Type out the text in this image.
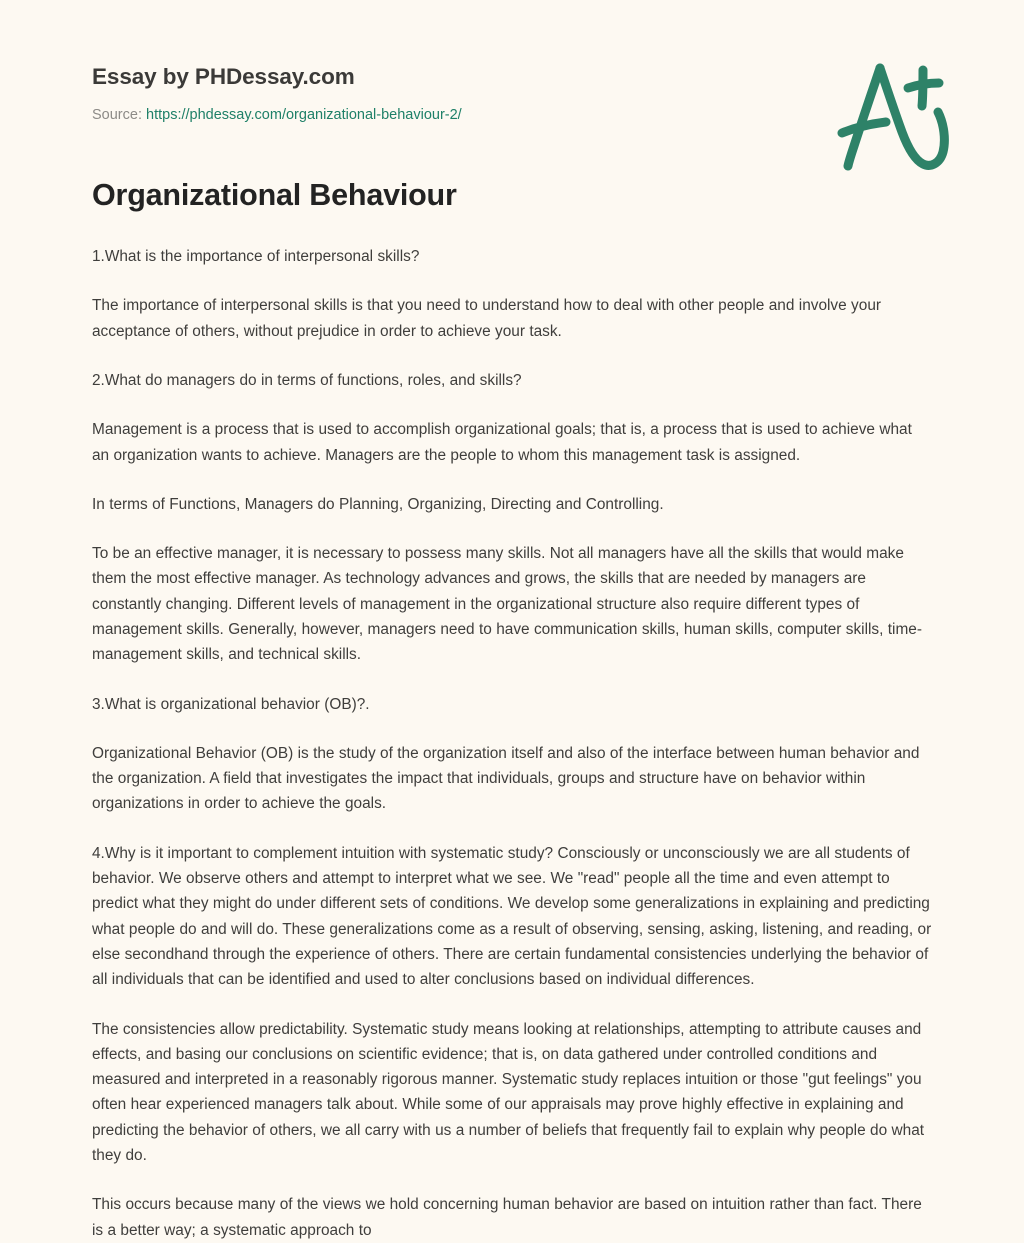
Essay by PHDessay.com
Source: https://phdessay.com/organizational-behaviour-2/
Organizational Behaviour

1.What is the importance of interpersonal skills?

The importance of interpersonal skills is that you need to understand how to deal with other people and involve your acceptance of others, without prejudice in order to achieve your task.

2.What do managers do in terms of functions, roles, and skills?

Management is a process that is used to accomplish organizational goals; that is, a process that is used to achieve what an organization wants to achieve. Managers are the people to whom this management task is assigned.

In terms of Functions, Managers do Planning, Organizing, Directing and Controlling.

To be an effective manager, it is necessary to possess many skills. Not all managers have all the skills that would make them the most effective manager. As technology advances and grows, the skills that are needed by managers are constantly changing. Different levels of management in the organizational structure also require different types of management skills. Generally, however, managers need to have communication skills, human skills, computer skills, time-management skills, and technical skills.

3.What is organizational behavior (OB)?.

Organizational Behavior (OB) is the study of the organization itself and also of the interface between human behavior and the organization. A field that investigates the impact that individuals, groups and structure have on behavior within organizations in order to achieve the goals.

4.Why is it important to complement intuition with systematic study? Consciously or unconsciously we are all students of behavior. We observe others and attempt to interpret what we see. We "read" people all the time and even attempt to predict what they might do under different sets of conditions. We develop some generalizations in explaining and predicting what people do and will do. These generalizations come as a result of observing, sensing, asking, listening, and reading, or else secondhand through the experience of others. There are certain fundamental consistencies underlying the behavior of all individuals that can be identified and used to alter conclusions based on individual differences.

The consistencies allow predictability. Systematic study means looking at relationships, attempting to attribute causes and effects, and basing our conclusions on scientific evidence; that is, on data gathered under controlled conditions and measured and interpreted in a reasonably rigorous manner. Systematic study replaces intuition or those "gut feelings" you often hear experienced managers talk about. While some of our appraisals may prove highly effective in explaining and predicting the behavior of others, we all carry with us a number of beliefs that frequently fail to explain why people do what they do.

This occurs because many of the views we hold concerning human behavior are based on intuition rather than fact. There is a better way; a systematic approach to
